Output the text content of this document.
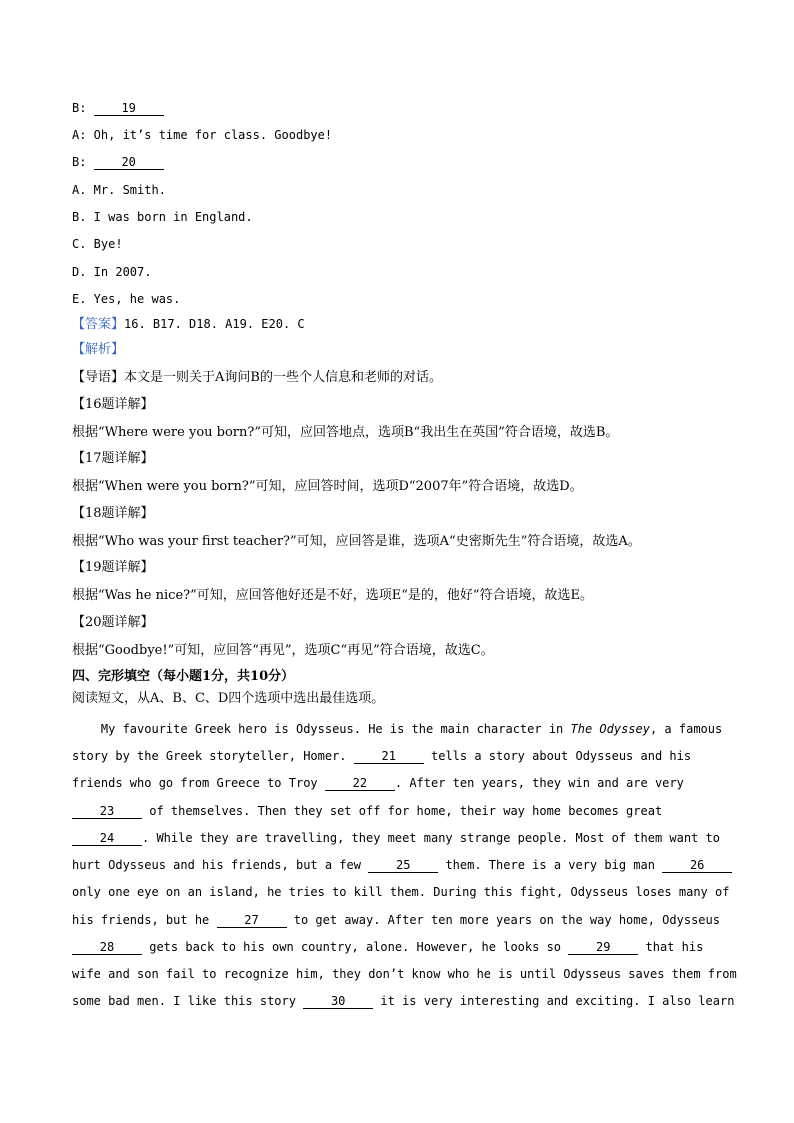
B:	19
A: Oh, it’s time for class. Goodbye!
B:	20
A. Mr. Smith.
B. I was born in England.
C. Bye!
D. In 2007.
E. Yes, he was.
【答案】16. B17. D18. A19. E20. C
【解析】
【导语】本文是一则关于A询问B的一些个人信息和老师的对话。
【16题详解】
根据“Where were you born?”可知，应回答地点，选项B“我出生在英国”符合语境，故选B。
【17题详解】
根据“When were you born?”可知，应回答时间，选项D“2007年”符合语境，故选D。
【18题详解】
根据“Who was your first teacher?”可知，应回答是谁，选项A“史密斯先生”符合语境，故选A。
【19题详解】
根据“Was he nice?”可知，应回答他好还是不好，选项E“是的，他好”符合语境，故选E。
【20题详解】
根据“Goodbye!”可知，应回答“再见”，选项C“再见”符合语境，故选C。
四、完形填空（每小题1分，共10分）
阅读短文，从A、B、C、D四个选项中选出最佳选项。
My favourite Greek hero is Odysseus. He is the main character in The Odyssey, a famous
story by the Greek storyteller, Homer. 21 tells a story about Odysseus and his
friends who go from Greece to Troy 22 . After ten years, they win and are very
23 of themselves. Then they set off for home, their way home becomes great
24 . While they are travelling, they meet many strange people. Most of them want to
hurt Odysseus and his friends, but a few 25 them. There is a very big man 26
only one eye on an island, he tries to kill them. During this fight, Odysseus loses many of
his friends, but he 27 to get away. After ten more years on the way home, Odysseus
28 gets back to his own country, alone. However, he looks so 29 that his
wife and son fail to recognize him, they don’t know who he is until Odysseus saves them from
some bad men. I like this story 30 it is very interesting and exciting. I also learn
